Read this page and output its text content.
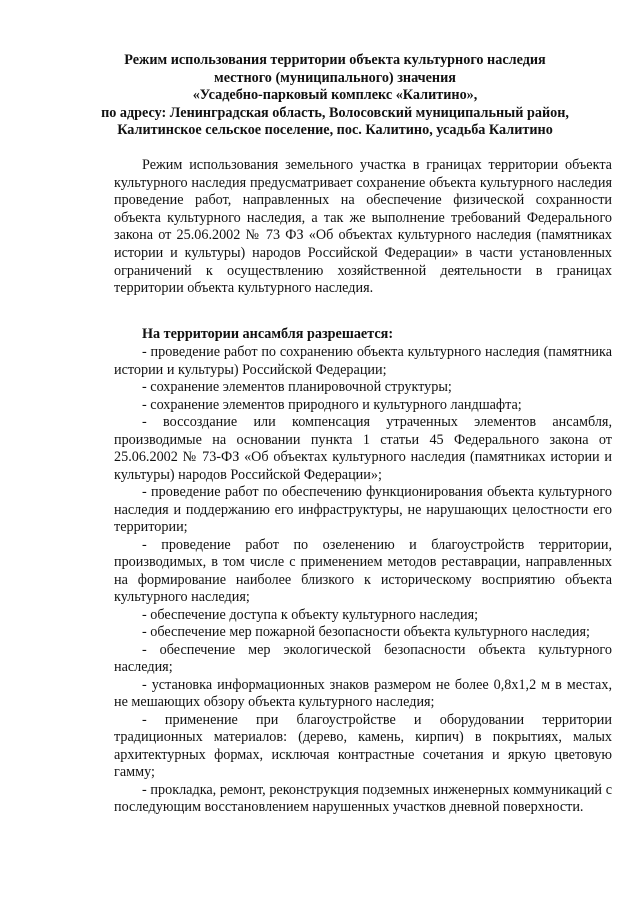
Режим использования территории объекта культурного наследия
местного (муниципального) значения
«Усадебно-парковый комплекс «Калитино»,
по адресу: Ленинградская область, Волосовский муниципальный район,
Калитинское сельское поселение, пос. Калитино, усадьба Калитино

Режим использования земельного участка в границах территории объекта культурного наследия предусматривает сохранение объекта культурного наследия проведение работ, направленных на обеспечение физической сохранности объекта культурного наследия, а так же выполнение требований Федерального закона от 25.06.2002 № 73 ФЗ «Об объектах культурного наследия (памятниках истории и культуры) народов Российской Федерации» в части установленных ограничений к осуществлению хозяйственной деятельности в границах территории объекта культурного наследия.

На территории ансамбля разрешается:
- проведение работ по сохранению объекта культурного наследия (памятника истории и культуры) Российской Федерации;
- сохранение элементов планировочной структуры;
- сохранение элементов природного и культурного ландшафта;
- воссоздание или компенсация утраченных элементов ансамбля, производимые на основании пункта 1 статьи 45 Федерального закона от 25.06.2002 № 73-ФЗ «Об объектах культурного наследия (памятниках истории и культуры) народов Российской Федерации»;
- проведение работ по обеспечению функционирования объекта культурного наследия и поддержанию его инфраструктуры, не нарушающих целостности его территории;
- проведение работ по озеленению и благоустройств территории, производимых, в том числе с применением методов реставрации, направленных на формирование наиболее близкого к историческому восприятию объекта культурного наследия;
- обеспечение доступа к объекту культурного наследия;
- обеспечение мер пожарной безопасности объекта культурного наследия;
- обеспечение мер экологической безопасности объекта культурного наследия;
- установка информационных знаков размером не более 0,8х1,2 м в местах, не мешающих обзору объекта культурного наследия;
- применение при благоустройстве и оборудовании территории традиционных материалов: (дерево, камень, кирпич) в покрытиях, малых архитектурных формах, исключая контрастные сочетания и яркую цветовую гамму;
- прокладка, ремонт, реконструкция подземных инженерных коммуникаций с последующим восстановлением нарушенных участков дневной поверхности.
